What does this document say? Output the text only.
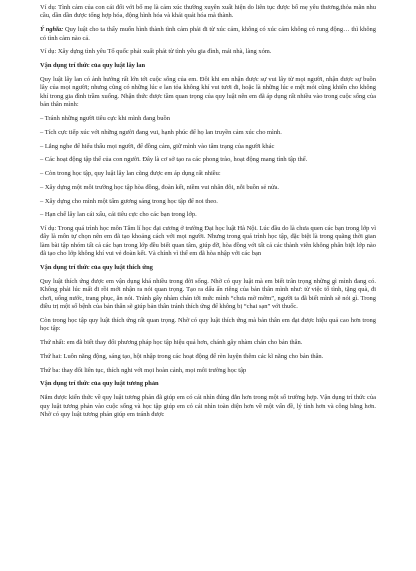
Ví dụ: Tình cảm của con cái đối với bố mẹ là cảm xúc thường xuyên xuất hiện do liên tục được bố mẹ yêu thương,thỏa mãn nhu cầu, dần dần được tổng hợp hóa, động hình hóa và khái quát hóa mà thành.

Ý nghĩa: Quy luật cho ta thấy muốn hình thành tình cảm phải đi từ xúc cảm, không có xúc cảm không có rung động… thì không có tình cảm nào cả.

Ví dụ: Xây dựng tình yêu Tổ quốc phải xuất phát từ tình yêu gia đình, mái nhà, làng xóm.

Vận dụng trí thức của quy luật lây lan

Quy luật lây lan có ảnh hưởng rất lớn tới cuộc sống của em. Đôi khi em nhận được sự vui lây từ mọi người, nhận được sự buồn lây của mọi người; nhưng cũng có những lúc e lan tỏa không khí vui tươi đi, hoặc là những lúc e mệt mỏi cũng khiến cho không khí trong gia đình trầm xuống. Nhận thức được tầm quan trọng của quy luật nên em đã áp dụng rất nhiều vào trong cuộc sống của bản thân mình:

– Tránh những người tiêu cực khi mình đang buồn

– Tích cực tiếp xúc với những người đang vui, hạnh phúc để họ lan truyền cảm xúc cho mình.

– Lắng nghe để hiểu thấu mọi người, để đồng cảm, giữ mình vào tâm trạng của người khác

– Các hoạt động tập thể của con người. Đây là cơ sở tạo ra các phong trào, hoạt động mang tính tập thể.

– Còn trong học tập, quy luật lây lan cũng được em áp dụng rất nhiều:

– Xây dựng một môi trường học tập hòa đồng, đoàn kết, niềm vui nhân đôi, nỗi buồn sẻ nửa.

– Xây dựng cho mình một tấm gương sáng trong học tập để noi theo.

– Hạn chế lây lan cái xấu, cái tiêu cực cho các bạn trong lớp.

Ví dụ: Trong quá trình học môn Tâm lí học đại cương ở trường Đại học luật Hà Nội. Lúc đầu do là chưa quen các bạn trong lớp vì đây là môn tự chọn nên em đã tạo khoảng cách với mọi người. Nhưng trong quá trình học tập, đặc biệt là trong quãng thời gian làm bài tập nhóm tất cả các bạn trong lớp đều biết quan tâm, giúp đỡ, hòa đồng với tất cả các thành viên không phân biệt lớp nào đã tạo cho lớp không khí vui vẻ đoàn kết. Và chính vì thế em đã hòa nhập với các bạn

Vận dụng trí thức của quy luật thích ứng

Quy luật thích ứng được em vận dụng khá nhiều trong đời sống. Nhờ có quy luật mà em biết trân trọng những gì mình đang có. Không phải lúc mất đi rồi mới nhận ra nói quan trọng. Tạo ra dấu ấn riêng của bản thân mình như: từ việc tổ tình, tặng quà, đi chơi, uống nước, trang phục, ăn nói. Tránh gây nhàm chán tới mức mình “chưa mờ mờm”, người ta đã biết mình sẽ nói gì. Trong điều trị một số bệnh của bản thân sẽ giúp bản thân tránh thích ứng để không bị “chai sạn” với thuốc.

Còn trong học tập quy luật thích ứng rất quan trọng. Nhờ có quy luật thích ứng mà bản thân em đạt được hiệu quả cao hơn trong học tập:

Thứ nhất: em đã biết thay đổi phương pháp học tập hiệu quả hơn, chánh gây nhàm chán cho bản thân.

Thứ hai: Luôn năng động, sáng tạo, hội nhập trong các hoạt động để rèn luyện thêm các kĩ năng cho bản thân.

Thứ ba: thay đổi liên tục, thích nghi với mọi hoàn cảnh, mọi môi trường học tập

Vận dụng trí thức của quy luật tương phản

Nắm được kiến thức về quy luật tương phản đã giúp em có cái nhìn đúng đắn hơn trong một số trường hợp. Vận dụng trí thức của quy luật tương phản vào cuộc sống và học tập giúp em có cái nhìn toàn diện hơn về một vấn đề, lý tính hơn và công bằng hơn. Nhờ có quy luật tương phản giúp em tránh được
